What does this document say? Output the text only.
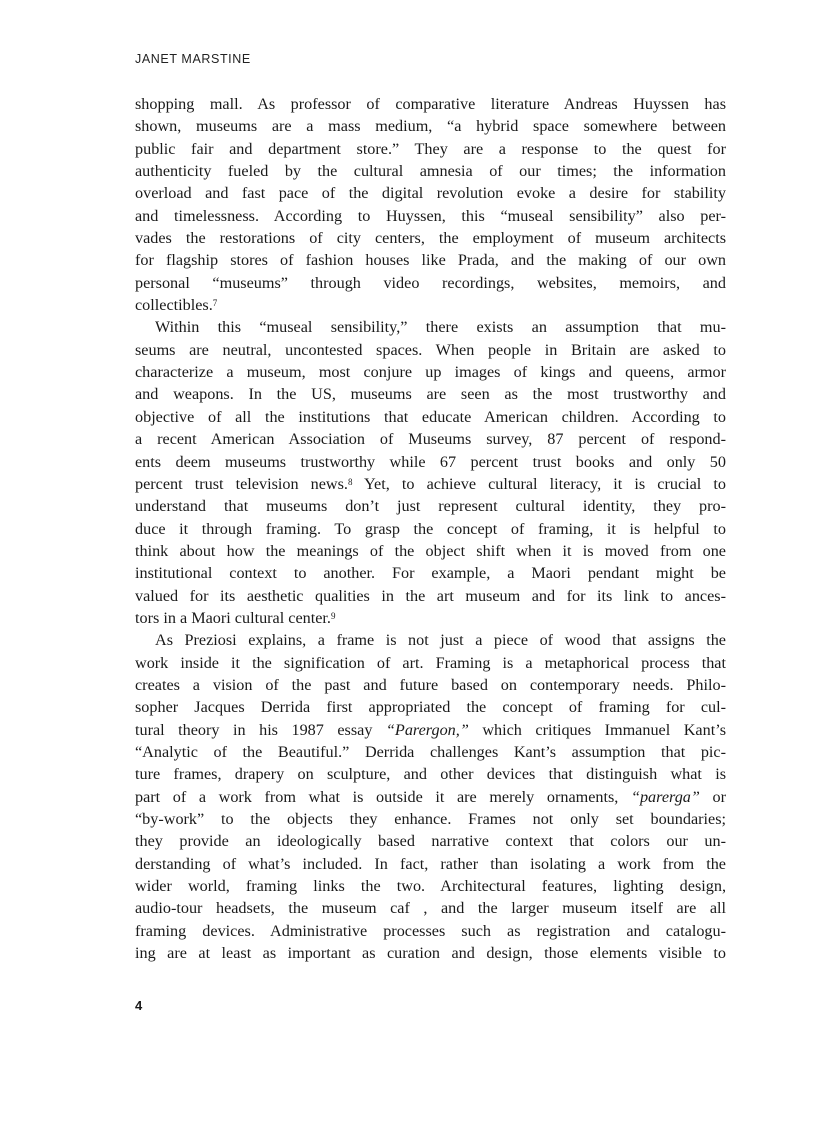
JANET MARSTINE
shopping mall. As professor of comparative literature Andreas Huyssen has
shown, museums are a mass medium, “a hybrid space somewhere between
public fair and department store.” They are a response to the quest for
authenticity fueled by the cultural amnesia of our times; the information
overload and fast pace of the digital revolution evoke a desire for stability
and timelessness. According to Huyssen, this “museal sensibility” also per-
vades the restorations of city centers, the employment of museum architects
for flagship stores of fashion houses like Prada, and the making of our own
personal “museums” through video recordings, websites, memoirs, and
collectibles.$^7$
Within this “museal sensibility,” there exists an assumption that mu-
seums are neutral, uncontested spaces. When people in Britain are asked to
characterize a museum, most conjure up images of kings and queens, armor
and weapons. In the US, museums are seen as the most trustworthy and
objective of all the institutions that educate American children. According to
a recent American Association of Museums survey, 87 percent of respond-
ents deem museums trustworthy while 67 percent trust books and only 50
percent trust television news.$^8$ Yet, to achieve cultural literacy, it is crucial to
understand that museums don’t just represent cultural identity, they pro-
duce it through framing. To grasp the concept of framing, it is helpful to
think about how the meanings of the object shift when it is moved from one
institutional context to another. For example, a Maori pendant might be
valued for its aesthetic qualities in the art museum and for its link to ances-
tors in a Maori cultural center.$^9$
As Preziosi explains, a frame is not just a piece of wood that assigns the
work inside it the signification of art. Framing is a metaphorical process that
creates a vision of the past and future based on contemporary needs. Philo-
sopher Jacques Derrida first appropriated the concept of framing for cul-
tural theory in his 1987 essay “Parergon,” which critiques Immanuel Kant’s
“Analytic of the Beautiful.” Derrida challenges Kant’s assumption that pic-
ture frames, drapery on sculpture, and other devices that distinguish what is
part of a work from what is outside it are merely ornaments, “parerga” or
“by-work” to the objects they enhance. Frames not only set boundaries;
they provide an ideologically based narrative context that colors our un-
derstanding of what’s included. In fact, rather than isolating a work from the
wider world, framing links the two. Architectural features, lighting design,
audio-tour headsets, the museum caf , and the larger museum itself are all
framing devices. Administrative processes such as registration and catalogu-
ing are at least as important as curation and design, those elements visible to
4
